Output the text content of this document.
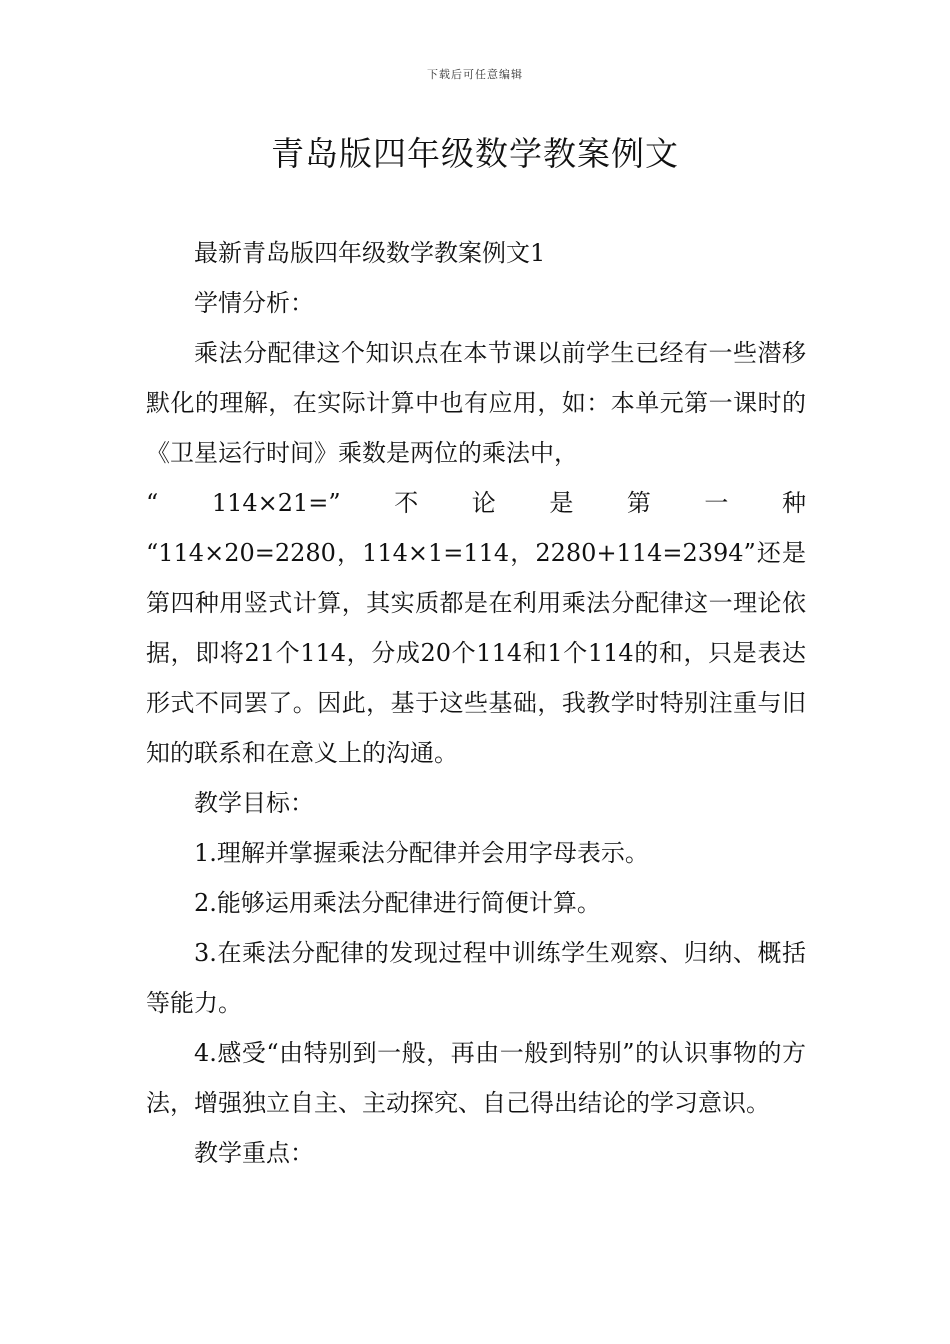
下载后可任意编辑
青岛版四年级数学教案例文

最新青岛版四年级数学教案例文1

学情分析：

乘法分配律这个知识点在本节课以前学生已经有一些潜移默化的理解，在实际计算中也有应用，如：本单元第一课时的《卫星运行时间》乘数是两位的乘法中，

“ 114×21=” 不 论 是 第 一 种

“114×20=2280，114×1=114，2280+114=2394”还是第四种用竖式计算，其实质都是在利用乘法分配律这一理论依据，即将21个114，分成20个114和1个114的和，只是表达形式不同罢了。因此，基于这些基础，我教学时特别注重与旧知的联系和在意义上的沟通。

教学目标：

1.理解并掌握乘法分配律并会用字母表示。

2.能够运用乘法分配律进行简便计算。

3.在乘法分配律的发现过程中训练学生观察、归纳、概括等能力。

4.感受“由特别到一般，再由一般到特别”的认识事物的方法，增强独立自主、主动探究、自己得出结论的学习意识。

教学重点：
